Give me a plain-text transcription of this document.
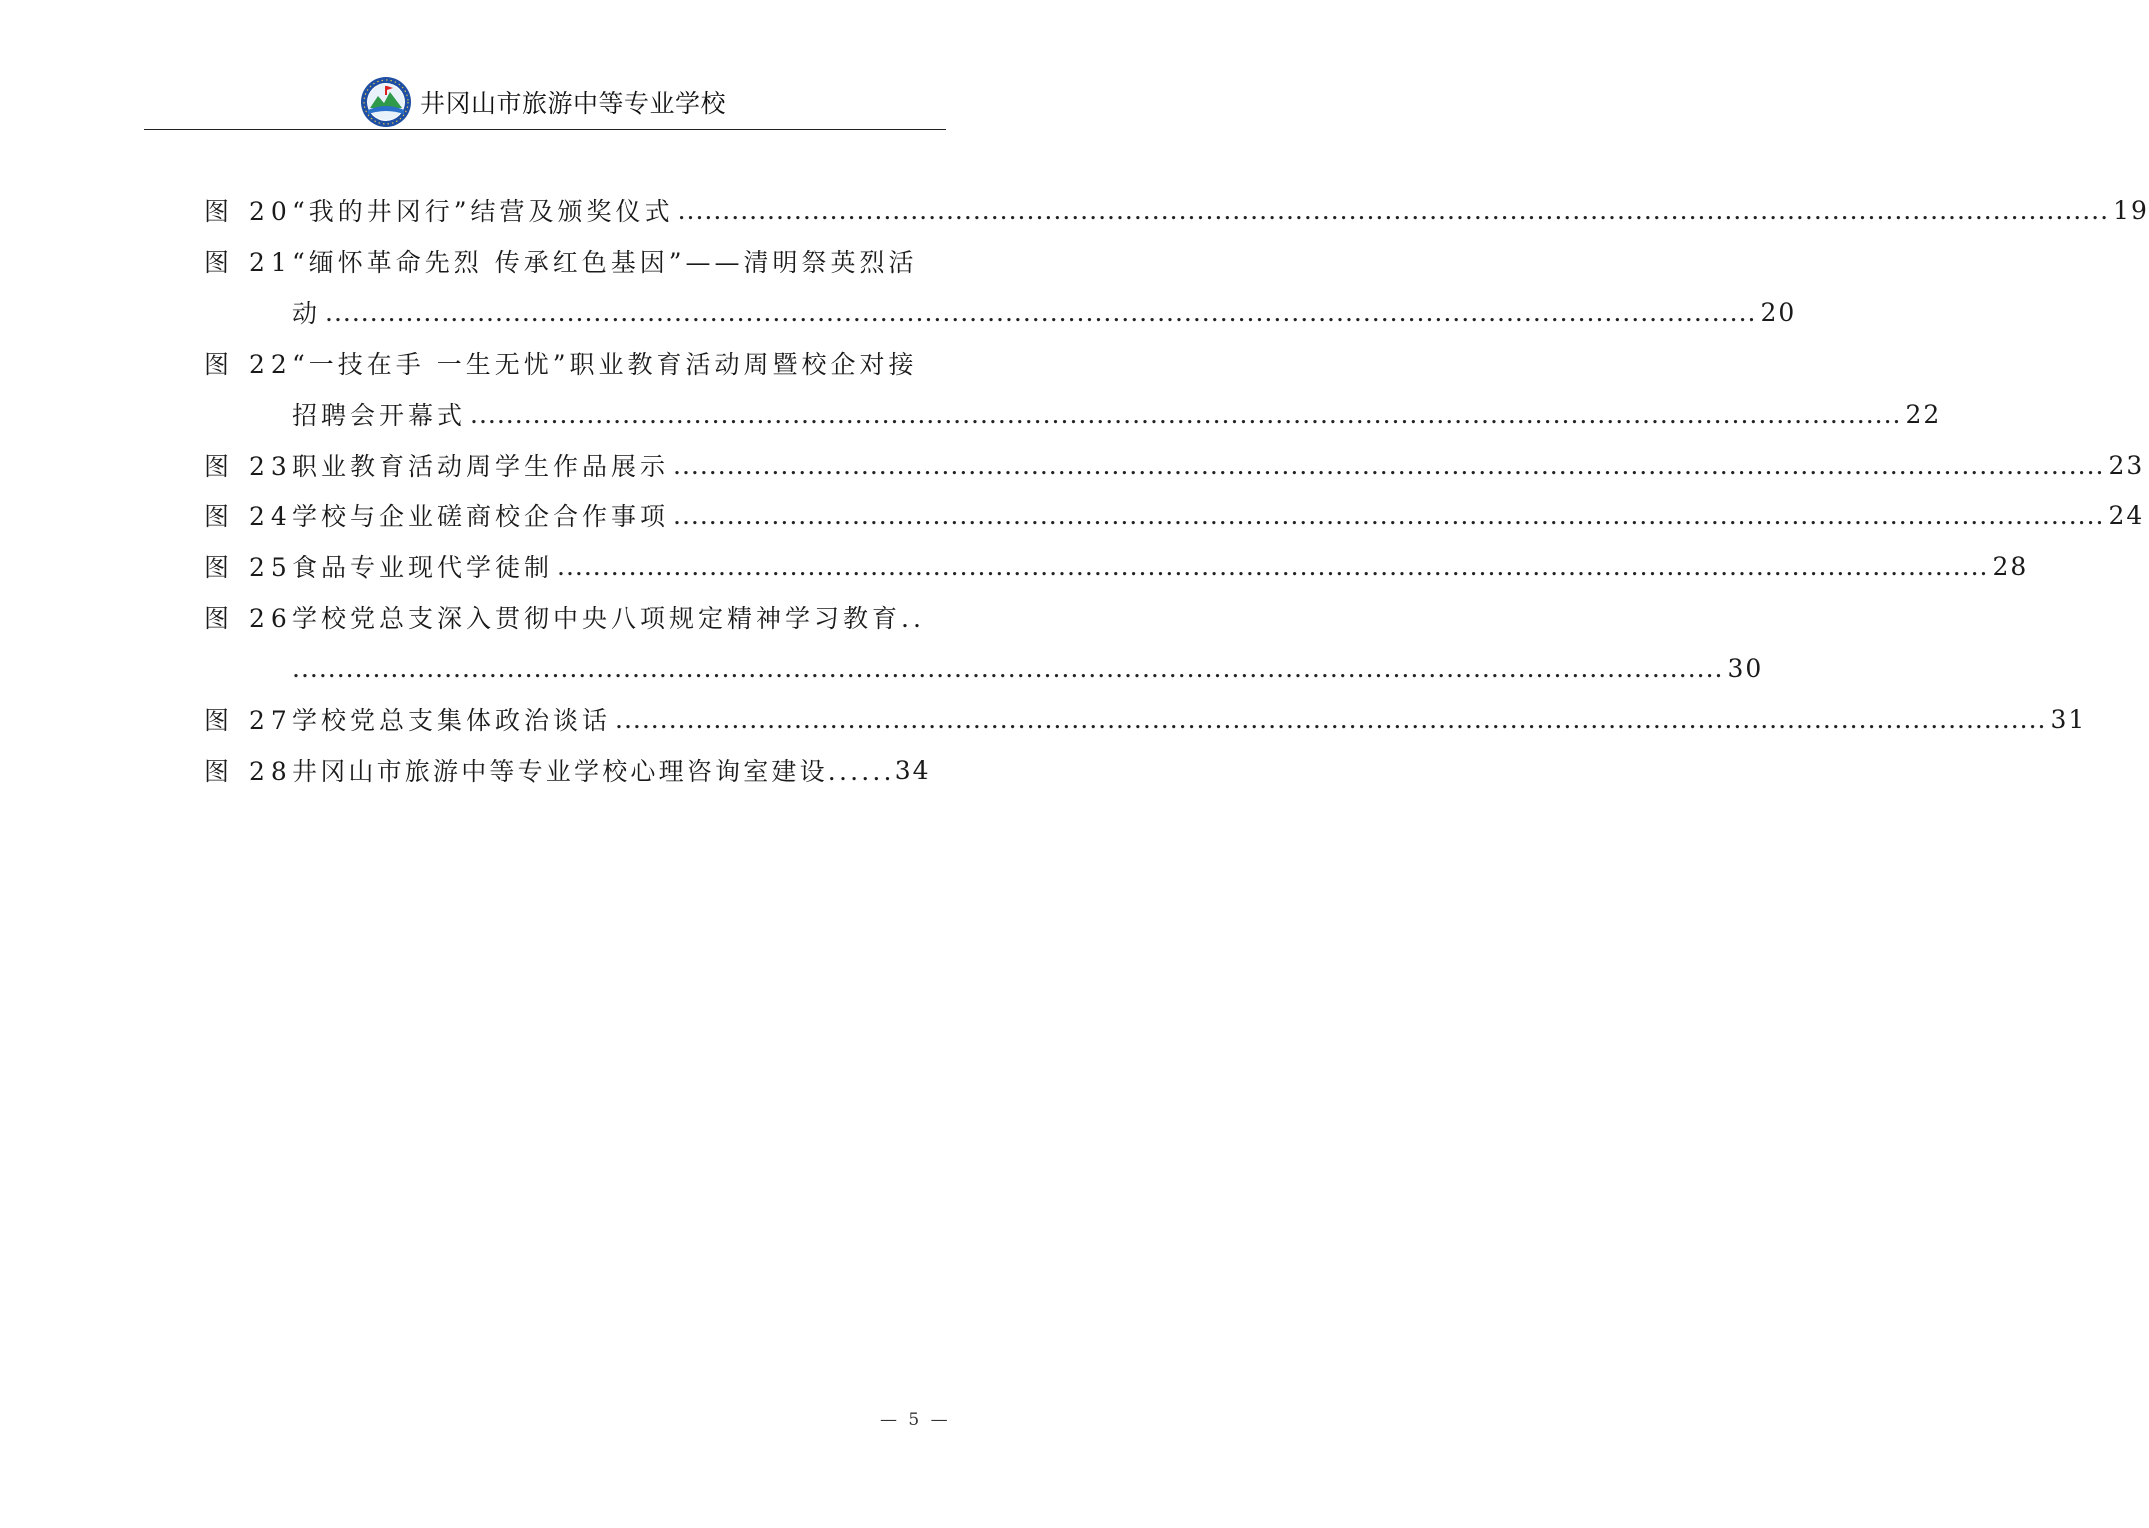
井冈山市旅游中等专业学校
图 20 “我的井冈行”结营及颁奖仪式 ................................................................................................................................................................ 19
图 21 “缅怀革命先烈 传承红色基因”——清明祭英烈活
动 ................................................................................................................................................................ 20
图 22 “一技在手 一生无忧”职业教育活动周暨校企对接
招聘会开幕式 ................................................................................................................................................................ 22
图 23 职业教育活动周学生作品展示 ................................................................................................................................................................ 23
图 24 学校与企业磋商校企合作事项 ................................................................................................................................................................ 24
图 25 食品专业现代学徒制 ................................................................................................................................................................ 28
图 26 学校党总支深入贯彻中央八项规定精神学习教育..
................................................................................................................................................................ 30
图 27 学校党总支集体政治谈话 ................................................................................................................................................................ 31
图 28 井冈山市旅游中等专业学校心理咨询室建设...... 34
— 5 —
